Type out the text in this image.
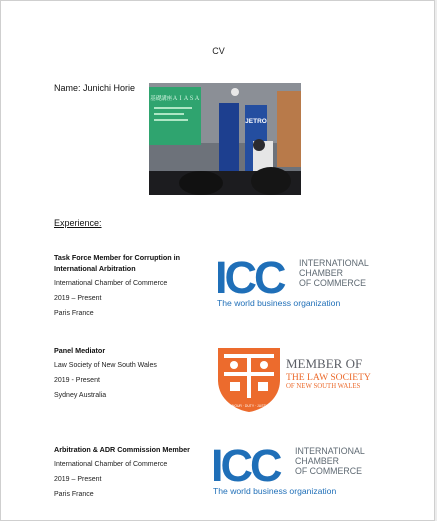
CV
Name: Junichi Horie
基礎講座ＡＩＡＳＡ
JETRO
Experience:
Task Force Member for Corruption in International Arbitration
International Chamber of Commerce
2019 – Present
Paris France
Panel Mediator
Law Society of New South Wales
2019 - Present
Sydney Australia
Arbitration & ADR Commission Member
International Chamber of Commerce
2019 – Present
Paris France
ICC INTERNATIONAL
CHAMBER
OF COMMERCE
The world business organization
HONOUR · DUTY · JUSTICE
MEMBER OF
THE LAW SOCIETY
OF NEW SOUTH WALES
ICC INTERNATIONAL
CHAMBER
OF COMMERCE
The world business organization
